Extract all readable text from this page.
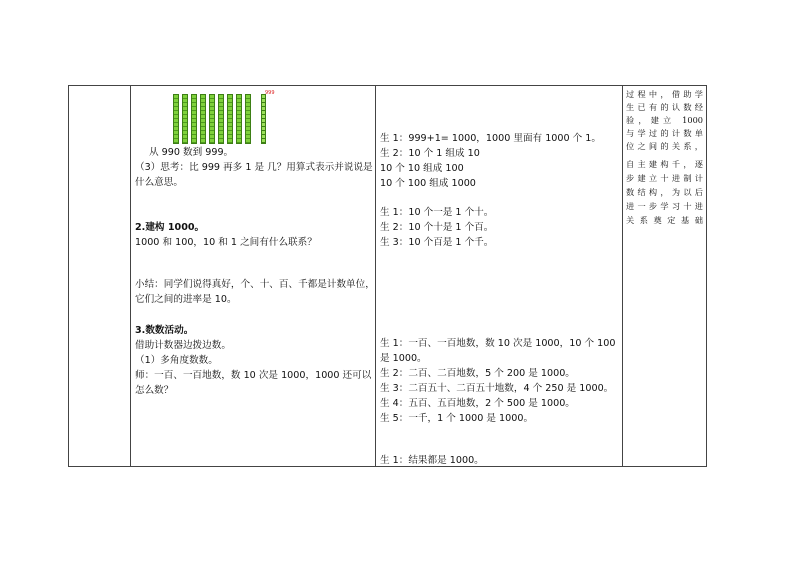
999
从 990 数到 999。
（3）思考：比 999 再多 1 是 几？用算式表示并说说是
什么意思。
2.建构 1000。
1000 和 100，10 和 1 之间有什么联系？
小结：同学们说得真好，个、十、百、千都是计数单位，
它们之间的进率是 10。
3.数数活动。
借助计数器边拨边数。
（1）多角度数数。
师：一百、一百地数，数 10 次是 1000，1000 还可以
怎么数？
生 1：999+1= 1000，1000 里面有 1000 个 1。
生 2：10 个 1 组成 10
10 个 10 组成 100
10 个 100 组成 1000
生 1：10 个一是 1 个十。
生 2：10 个十是 1 个百。
生 3：10 个百是 1 个千。
生 1：一百、一百地数，数 10 次是 1000，10 个 100
是 1000。
生 2：二百、二百地数，5 个 200 是 1000。
生 3：二百五十、二百五十地数，4 个 250 是 1000。
生 4：五百、五百地数，2 个 500 是 1000。
生 5：一千，1 个 1000 是 1000。
生 1：结果都是 1000。
过程中，借助学
生已有的认数经
验，建立 1000
与学过的计数单
位之间的关系，
自主建构千，逐
步建立十进制计
数结构，为以后
进一步学习十进
关系奠定基础
